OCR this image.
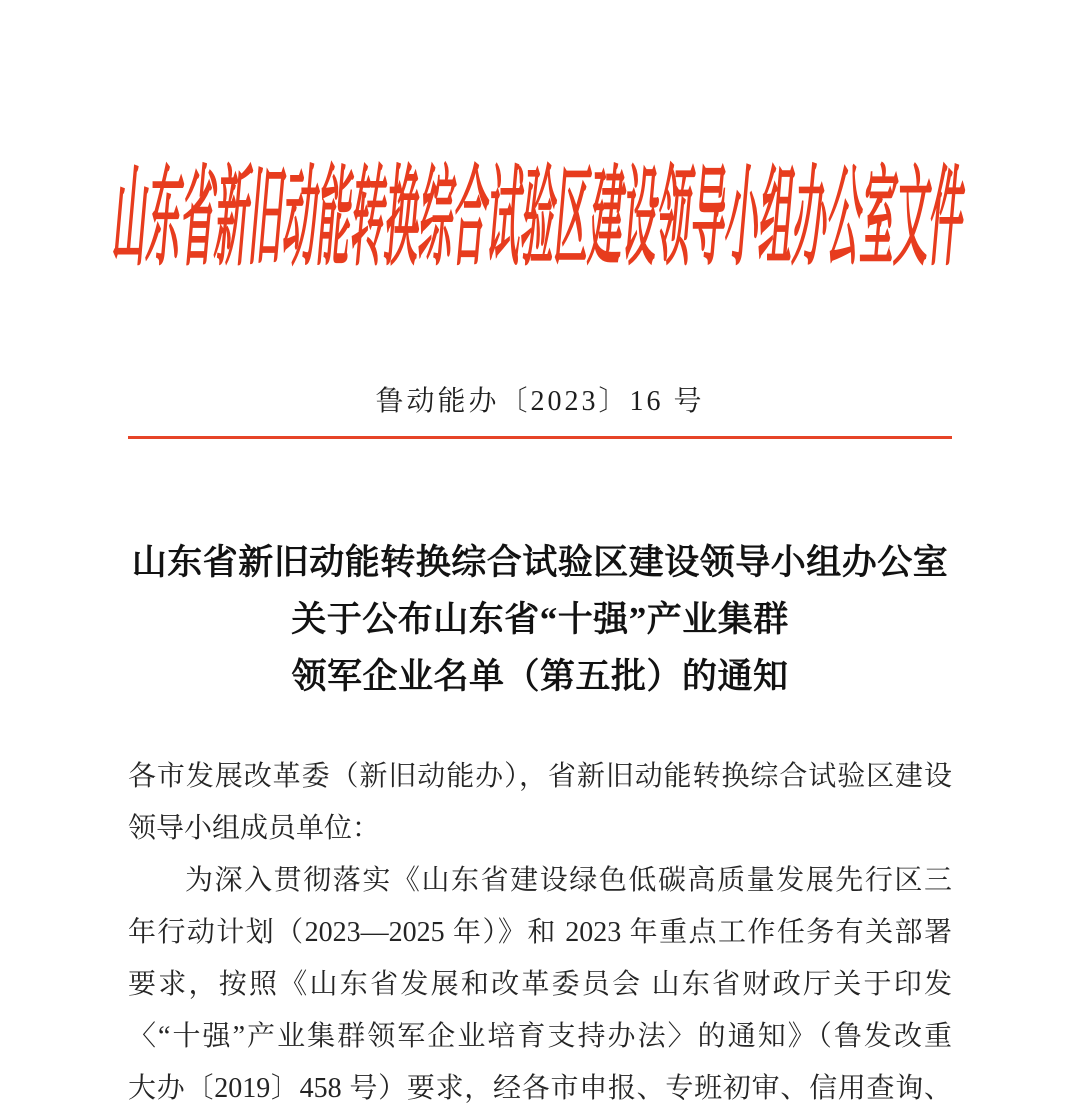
山东省新旧动能转换综合试验区建设领导小组办公室文件
鲁动能办〔2023〕16 号
山东省新旧动能转换综合试验区建设领导小组办公室
关于公布山东省“十强”产业集群
领军企业名单（第五批）的通知
各市发展改革委（新旧动能办），省新旧动能转换综合试验区建设
领导小组成员单位：
为深入贯彻落实《山东省建设绿色低碳高质量发展先行区三
年行动计划（2023—2025 年）》和 2023 年重点工作任务有关部署
要求，按照《山东省发展和改革委员会 山东省财政厅关于印发
〈“十强”产业集群领军企业培育支持办法〉的通知》（鲁发改重
大办〔2019〕458 号）要求，经各市申报、专班初审、信用查询、
